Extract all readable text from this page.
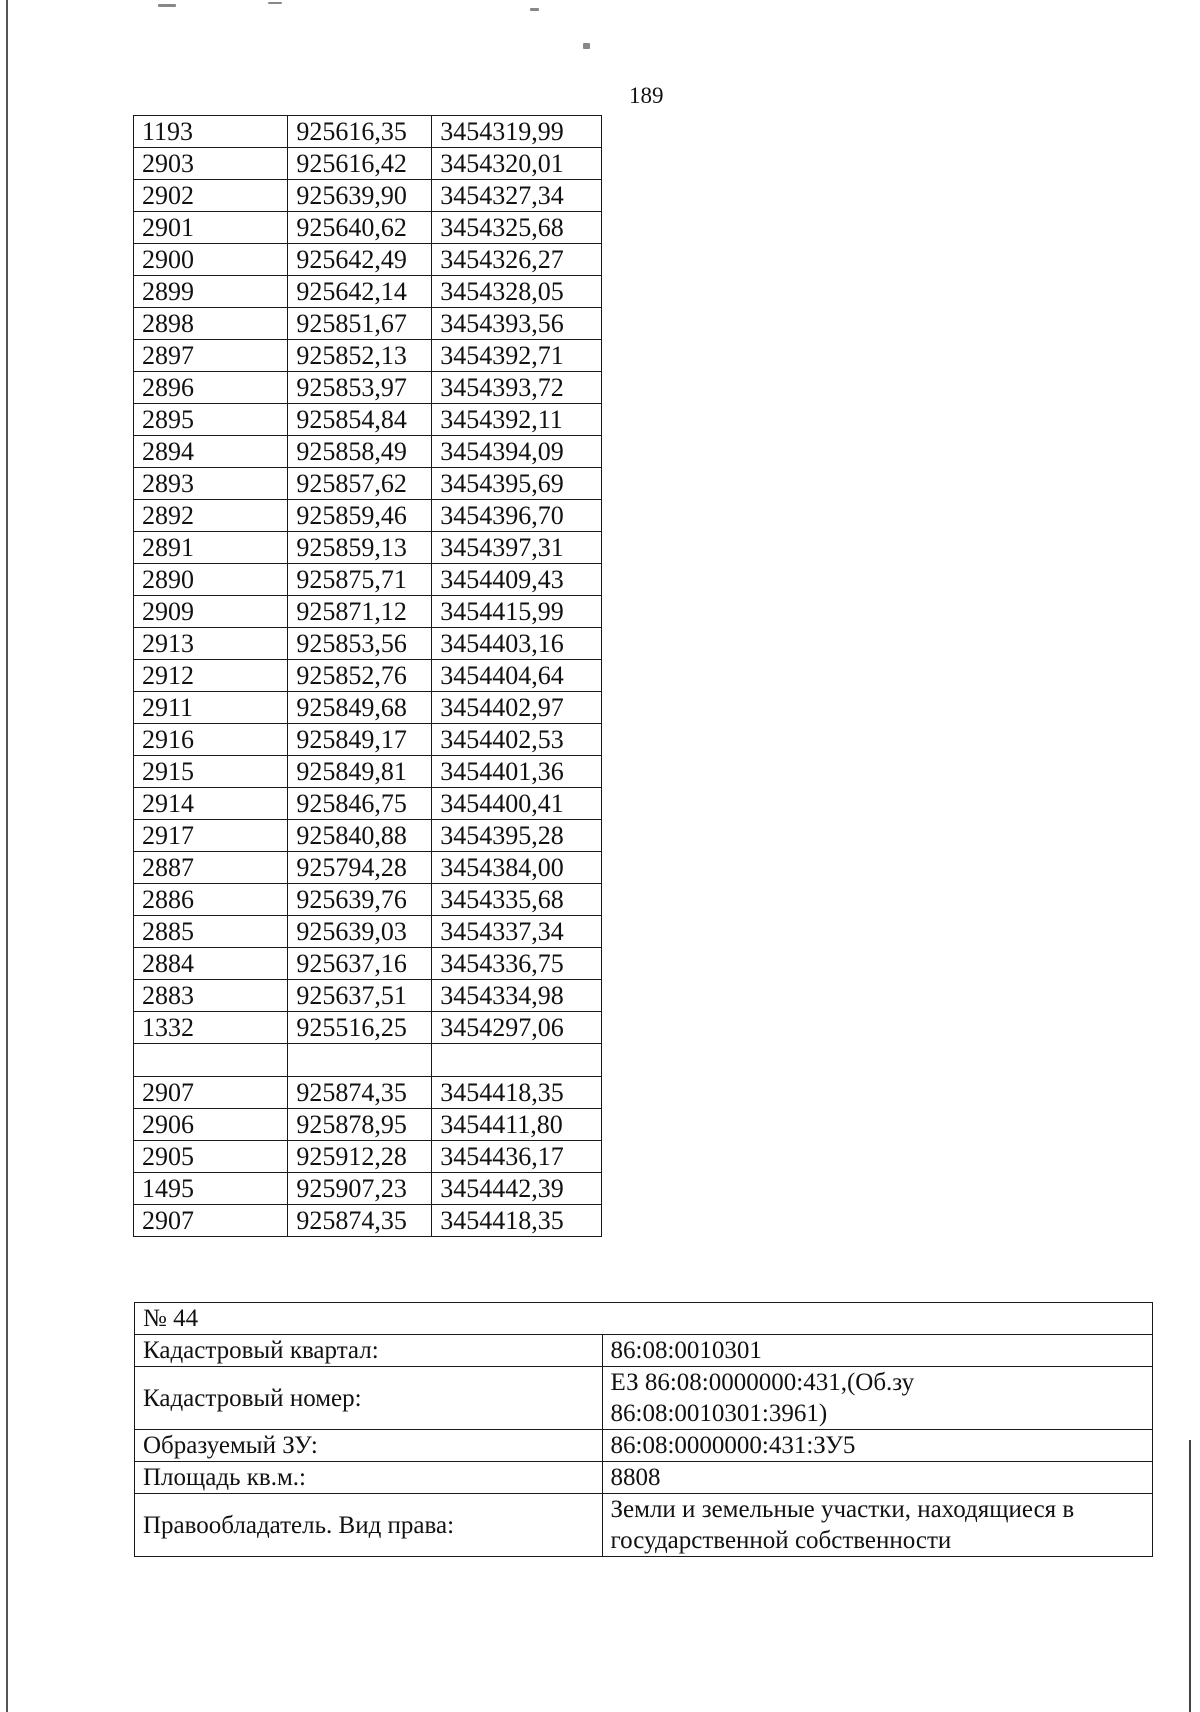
189
1193	925616,35	3454319,99
2903	925616,42	3454320,01
2902	925639,90	3454327,34
2901	925640,62	3454325,68
2900	925642,49	3454326,27
2899	925642,14	3454328,05
2898	925851,67	3454393,56
2897	925852,13	3454392,71
2896	925853,97	3454393,72
2895	925854,84	3454392,11
2894	925858,49	3454394,09
2893	925857,62	3454395,69
2892	925859,46	3454396,70
2891	925859,13	3454397,31
2890	925875,71	3454409,43
2909	925871,12	3454415,99
2913	925853,56	3454403,16
2912	925852,76	3454404,64
2911	925849,68	3454402,97
2916	925849,17	3454402,53
2915	925849,81	3454401,36
2914	925846,75	3454400,41
2917	925840,88	3454395,28
2887	925794,28	3454384,00
2886	925639,76	3454335,68
2885	925639,03	3454337,34
2884	925637,16	3454336,75
2883	925637,51	3454334,98
1332	925516,25	3454297,06

2907	925874,35	3454418,35
2906	925878,95	3454411,80
2905	925912,28	3454436,17
1495	925907,23	3454442,39
2907	925874,35	3454418,35
№ 44	
Кадастровый квартал:	86:08:0010301

Кадастровый номер:	ЕЗ 86:08:0000000:431,(Об.зу
86:08:0010301:3961)

Образуемый ЗУ:	86:08:0000000:431:ЗУ5

Площадь кв.м.:	8808

Правообладатель. Вид права:	Земли и земельные участки, находящиеся в
государственной собственности
